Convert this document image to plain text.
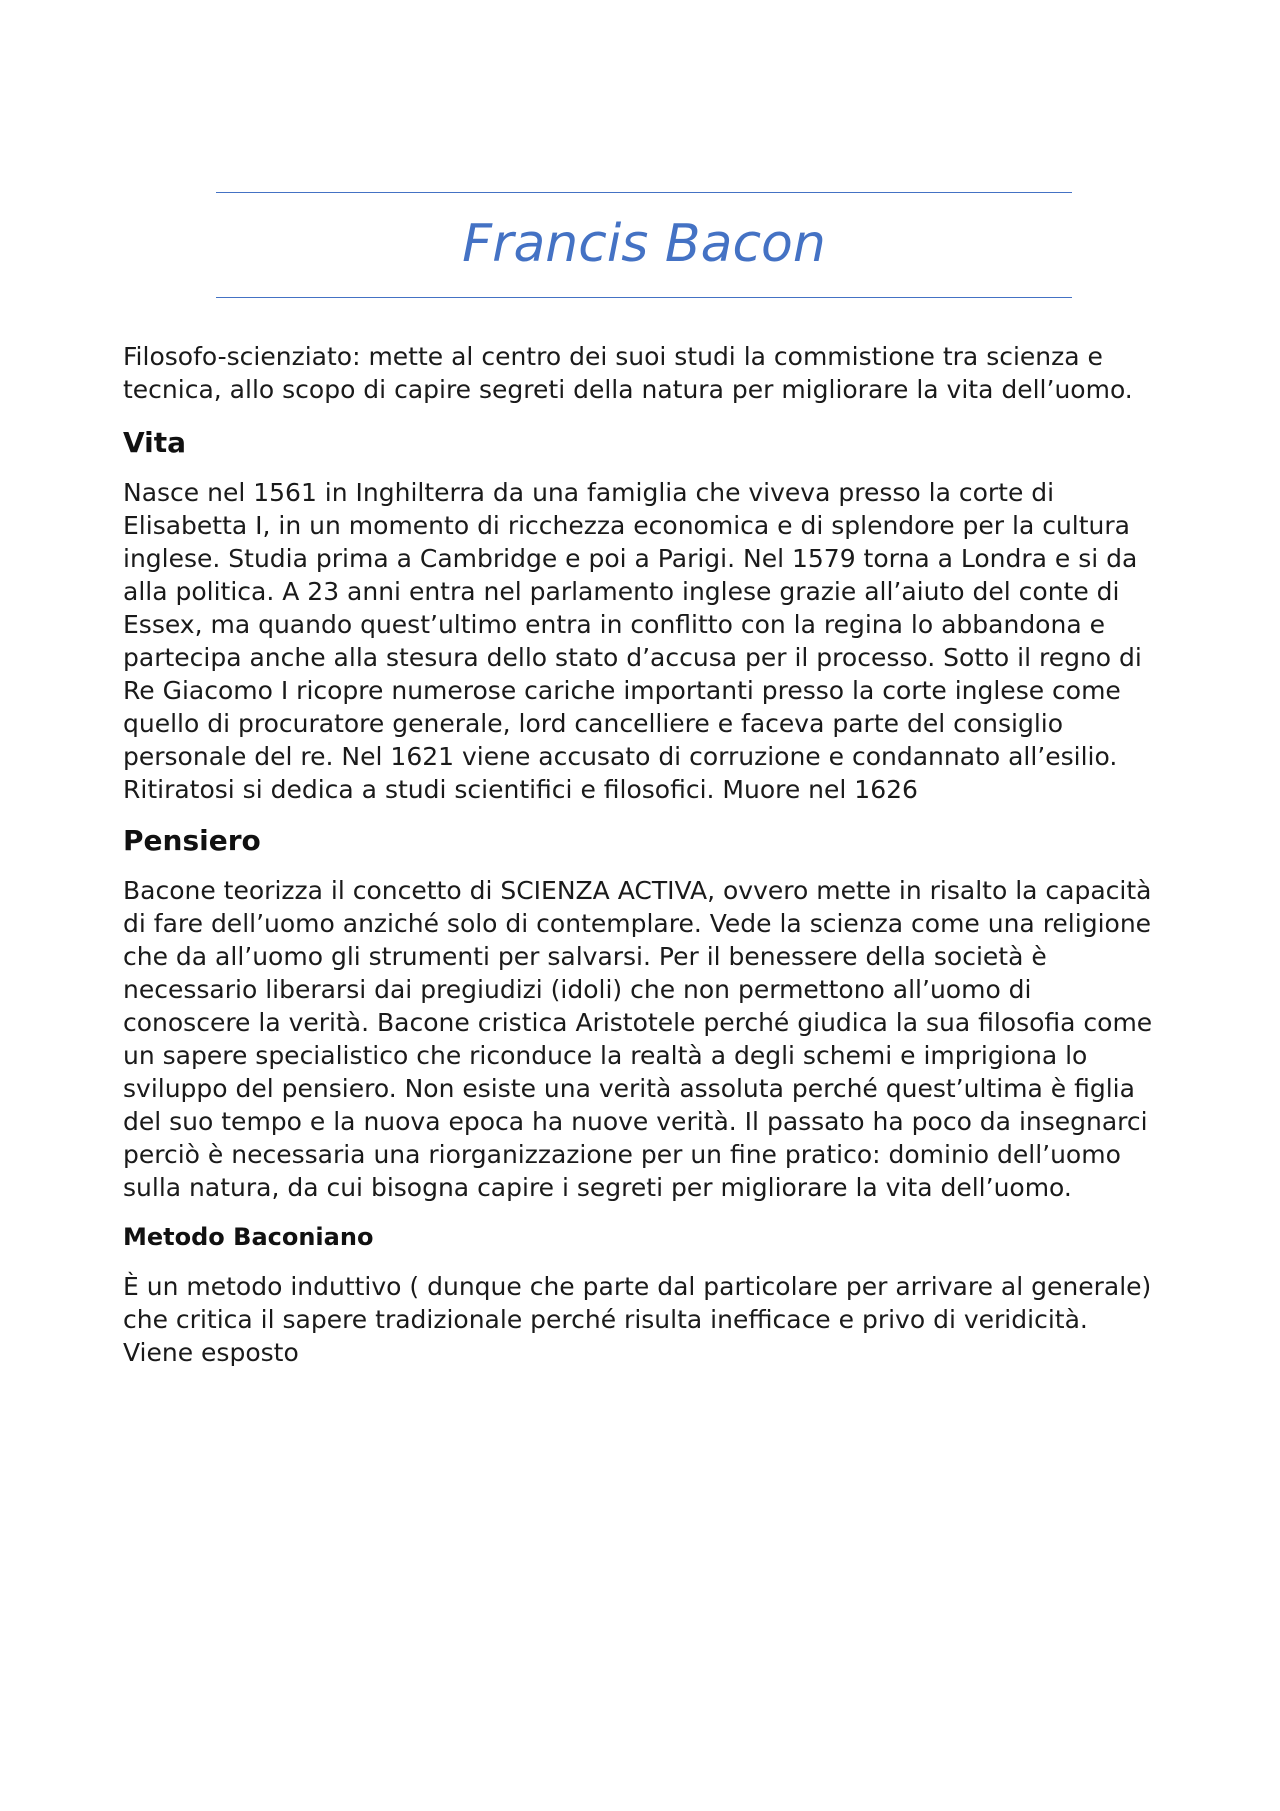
Francis Bacon

Filosofo-scienziato: mette al centro dei suoi studi la commistione tra scienza e tecnica, allo scopo di capire segreti della natura per migliorare la vita dell’uomo.

Vita

Nasce nel 1561 in Inghilterra da una famiglia che viveva presso la corte di Elisabetta I, in un momento di ricchezza economica e di splendore per la cultura inglese. Studia prima a Cambridge e poi a Parigi. Nel 1579 torna a Londra e si da alla politica. A 23 anni entra nel parlamento inglese grazie all’aiuto del conte di Essex, ma quando quest’ultimo entra in conflitto con la regina lo abbandona e partecipa anche alla stesura dello stato d’accusa per il processo. Sotto il regno di Re Giacomo I ricopre numerose cariche importanti presso la corte inglese come quello di procuratore generale, lord cancelliere e faceva parte del consiglio personale del re. Nel 1621 viene accusato di corruzione e condannato all’esilio. Ritiratosi si dedica a studi scientifici e filosofici. Muore nel 1626

Pensiero

Bacone teorizza il concetto di SCIENZA ACTIVA, ovvero mette in risalto la capacità di fare dell’uomo anziché solo di contemplare. Vede la scienza come una religione che da all’uomo gli strumenti per salvarsi. Per il benessere della società è necessario liberarsi dai pregiudizi (idoli) che non permettono all’uomo di conoscere la verità. Bacone cristica Aristotele perché giudica la sua filosofia come un sapere specialistico che riconduce la realtà a degli schemi e imprigiona lo sviluppo del pensiero. Non esiste una verità assoluta perché quest’ultima è figlia del suo tempo e la nuova epoca ha nuove verità. Il passato ha poco da insegnarci perciò è necessaria una riorganizzazione per un fine pratico: dominio dell’uomo sulla natura, da cui bisogna capire i segreti per migliorare la vita dell’uomo.

Metodo Baconiano

È un metodo induttivo ( dunque che parte dal particolare per arrivare al generale) che critica il sapere tradizionale perché risulta inefficace e privo di veridicità. Viene esposto
